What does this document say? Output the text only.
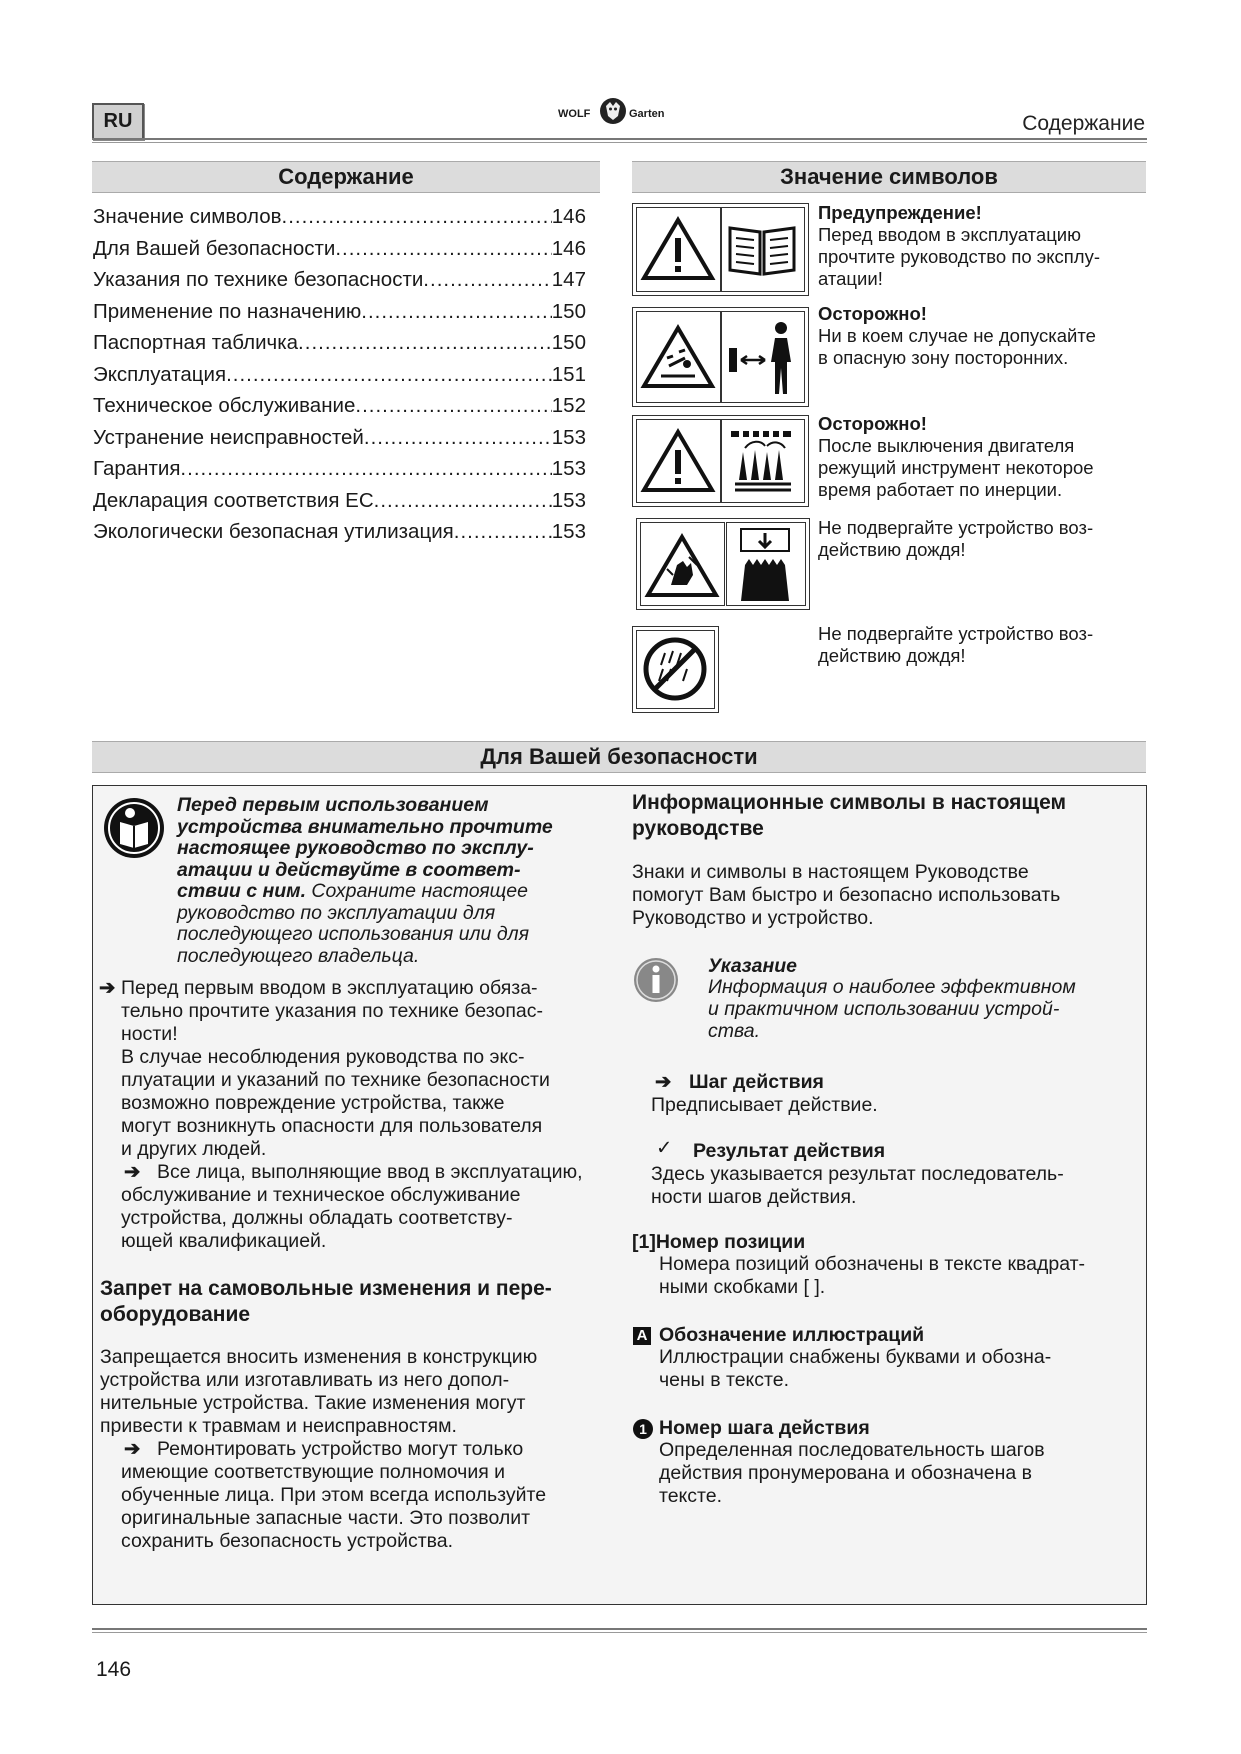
RU	WOLF	Garten	Содержание
Содержание
Значение символов .....	146
Для Вашей безопасности .....	146
Указания по технике безопасности .....	147
Применение по назначению .....	150
Паспортная табличка .....	150
Эксплуатация .....	151
Техническое обслуживание .....	152
Устранение неисправностей .....	153
Гарантия .....	153
Декларация соответствия ЕС .....	153
Экологически безопасная утилизация .....	153
Значение символов
Предупреждение!
Перед вводом в эксплуатацию
прочтите руководство по эксплу-
атации!
Осторожно!
Ни в коем случае не допускайте
в опасную зону посторонних.
Осторожно!
После выключения двигателя
режущий инструмент некоторое
время работает по инерции.
Не подвергайте устройство воз-
действию дождя!
Не подвергайте устройство воз-
действию дождя!
Для Вашей безопасности
Перед первым использованием
устройства внимательно прочтите
настоящее руководство по эксплу-
атации и действуйте в соответ-
ствии с ним. Сохраните настоящее
руководство по эксплуатации для
последующего использования или для
последующего владельца.
➔ Перед первым вводом в эксплуатацию обяза-
тельно прочтите указания по технике безопас-
ности!
В случае несоблюдения руководства по экс-
плуатации и указаний по технике безопасности
возможно повреждение устройства, также
могут возникнуть опасности для пользователя
и других людей.
➔ Все лица, выполняющие ввод в эксплуатацию,
обслуживание и техническое обслуживание
устройства, должны обладать соответству-
ющей квалификацией.
Запрет на самовольные изменения и пере-
оборудование
Запрещается вносить изменения в конструкцию
устройства или изготавливать из него допол-
нительные устройства. Такие изменения могут
привести к травмам и неисправностям.
➔ Ремонтировать устройство могут только
имеющие соответствующие полномочия и
обученные лица. При этом всегда используйте
оригинальные запасные части. Это позволит
сохранить безопасность устройства.
Информационные символы в настоящем
руководстве
Знаки и символы в настоящем Руководстве
помогут Вам быстро и безопасно использовать
Руководство и устройство.
Указание
Информация о наиболее эффективном
и практичном использовании устрой-
ства.
➔ Шаг действия
Предписывает действие.
✓ Результат действия
Здесь указывается результат последователь-
ности шагов действия.
[1]Номер позиции
Номера позиций обозначены в тексте квадрат-
ными скобками [ ].
A Обозначение иллюстраций
Иллюстрации снабжены буквами и обозна-
чены в тексте.
1 Номер шага действия
Определенная последовательность шагов
действия пронумерована и обозначена в
тексте.
146
